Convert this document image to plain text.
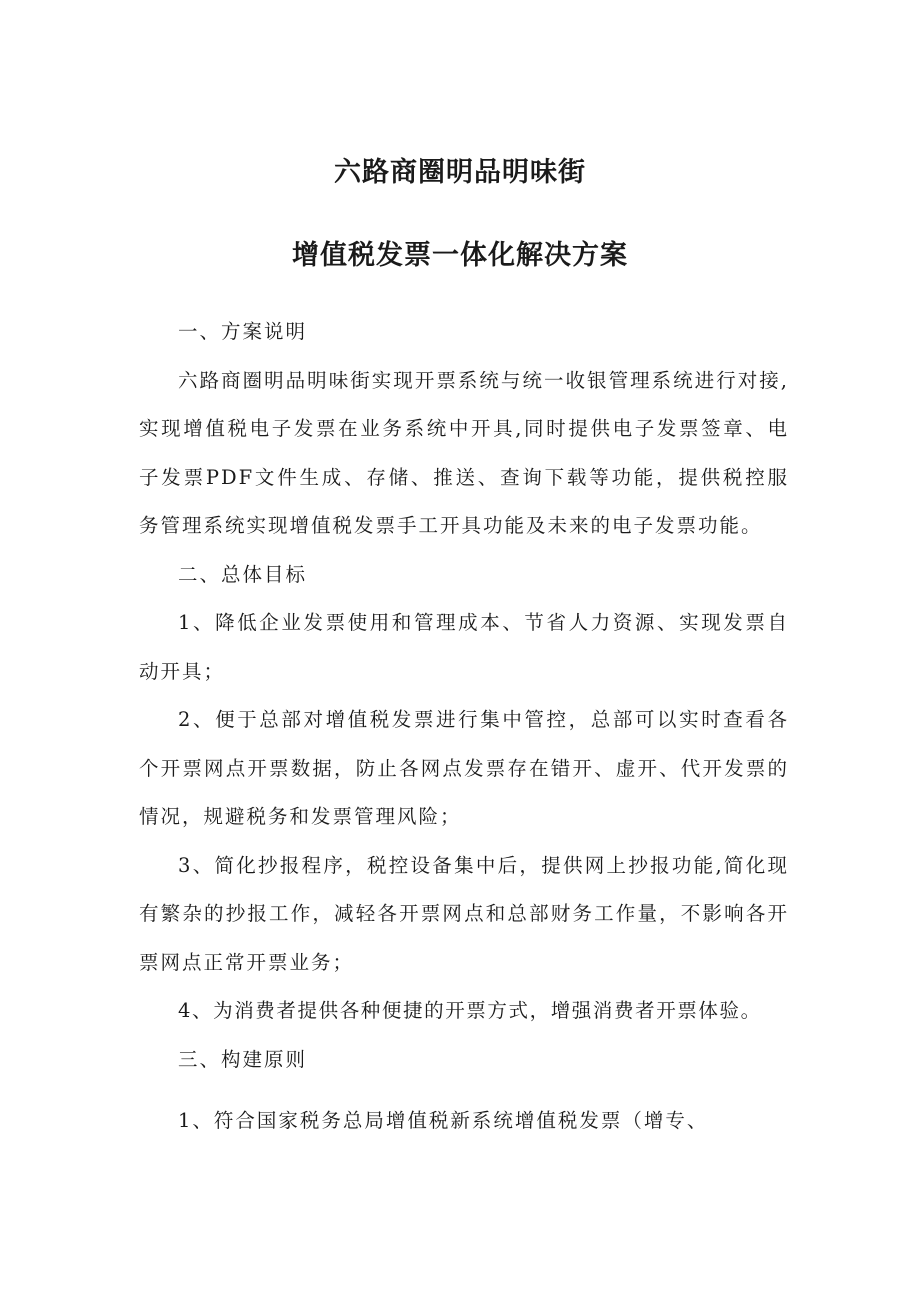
六路商圈明品明味街
增值税发票一体化解决方案

一、方案说明

六路商圈明品明味街实现开票系统与统一收银管理系统进行对接,实现增值税电子发票在业务系统中开具,同时提供电子发票签章、电子发票PDF文件生成、存储、推送、查询下载等功能，提供税控服务管理系统实现增值税发票手工开具功能及未来的电子发票功能。

二、总体目标

1、降低企业发票使用和管理成本、节省人力资源、实现发票自动开具；

2、便于总部对增值税发票进行集中管控，总部可以实时查看各个开票网点开票数据，防止各网点发票存在错开、虚开、代开发票的情况，规避税务和发票管理风险；

3、简化抄报程序，税控设备集中后，提供网上抄报功能,简化现有繁杂的抄报工作，减轻各开票网点和总部财务工作量，不影响各开票网点正常开票业务；

4、为消费者提供各种便捷的开票方式，增强消费者开票体验。

三、构建原则

1、符合国家税务总局增值税新系统增值税发票（增专、
